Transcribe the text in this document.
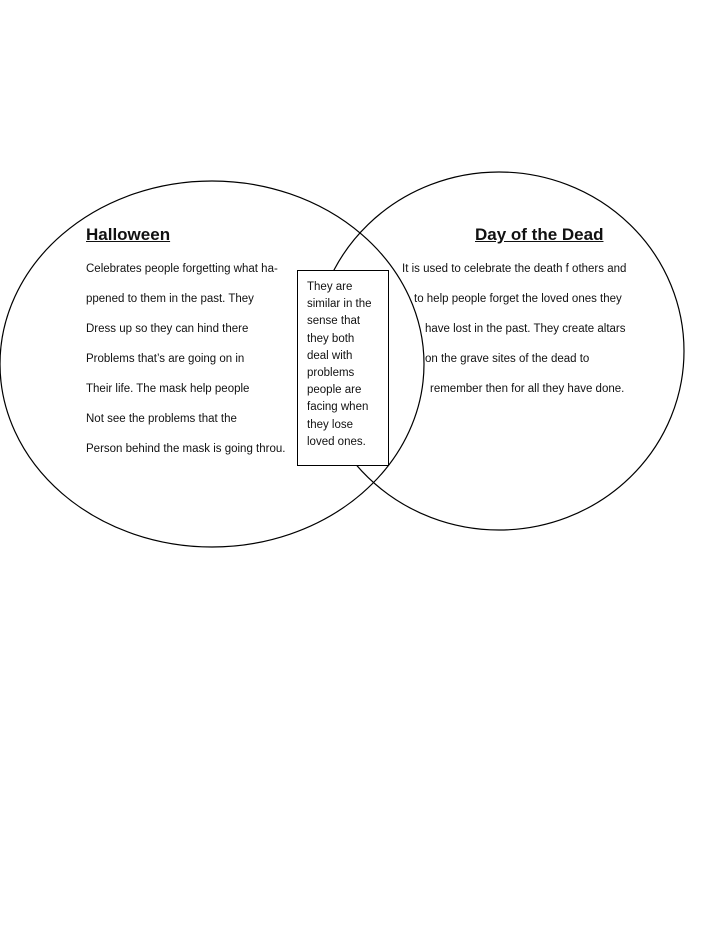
Halloween	Day of the Dead
Celebrates people forgetting what ha-
ppened to them in the past. They
Dress up so they can hind there
Problems that’s are going on in
Their life. The mask help people
Not see the problems that the
Person behind the mask is going throu.
It is used to celebrate the death f others and
to help people forget the loved ones they
have lost in the past. They create altars
on the grave sites of the dead to
remember then for all they have done.
They are
similar in the
sense that
they both
deal with
problems
people are
facing when
they lose
loved ones.
